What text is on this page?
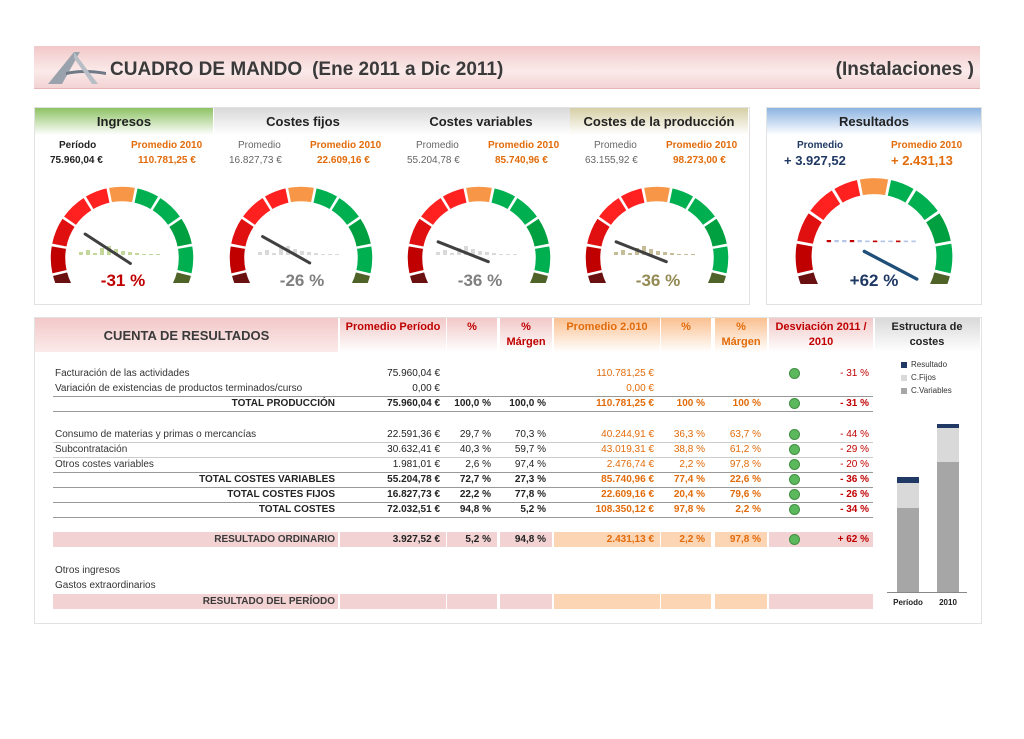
CUADRO DE MANDO (Ene 2011 a Dic 2011)	(Instalaciones )
Ingresos
Período	Promedio 2010
75.960,04 €	110.781,25 €
-31 %
Costes fijos
Promedio	Promedio 2010
16.827,73 €	22.609,16 €
-26 %
Costes variables
Promedio	Promedio 2010
55.204,78 €	85.740,96 €
-36 %
Costes de la producción
Promedio	Promedio 2010
63.155,92 €	98.273,00 €
-36 %
Resultados
Promedio	Promedio 2010
+ 3.927,52	+ 2.431,13
+62 %
CUENTA DE RESULTADOS
Promedio Período	%	% Márgen
Promedio 2.010	%	% Márgen
Desviación 2011 / 2010
Facturación de las actividades	75.960,04 €	110.781,25 €	- 31 %
Variación de existencias de productos terminados/curso	0,00 €	0,00 €
TOTAL PRODUCCIÓN	75.960,04 €	100,0 %	100,0 %	110.781,25 €	100 %	100 %	- 31 %
Consumo de materias y primas o mercancías	22.591,36 €	29,7 %	70,3 %	40.244,91 €	36,3 %	63,7 %	- 44 %
Subcontratación	30.632,41 €	40,3 %	59,7 %	43.019,31 €	38,8 %	61,2 %	- 29 %
Otros costes variables	1.981,01 €	2,6 %	97,4 %	2.476,74 €	2,2 %	97,8 %	- 20 %
TOTAL COSTES VARIABLES	55.204,78 €	72,7 %	27,3 %	85.740,96 €	77,4 %	22,6 %	- 36 %
TOTAL COSTES FIJOS	16.827,73 €	22,2 %	77,8 %	22.609,16 €	20,4 %	79,6 %	- 26 %
TOTAL COSTES	72.032,51 €	94,8 %	5,2 %	108.350,12 €	97,8 %	2,2 %	- 34 %
RESULTADO ORDINARIO	3.927,52 €	5,2 %	94,8 %	2.431,13 €	2,2 %	97,8 %	+ 62 %
Otros ingresos
Gastos extraordinarios
RESULTADO DEL PERÍODO
Estructura de costes
Resultado
C.Fijos
C.Variables
Período	2010
